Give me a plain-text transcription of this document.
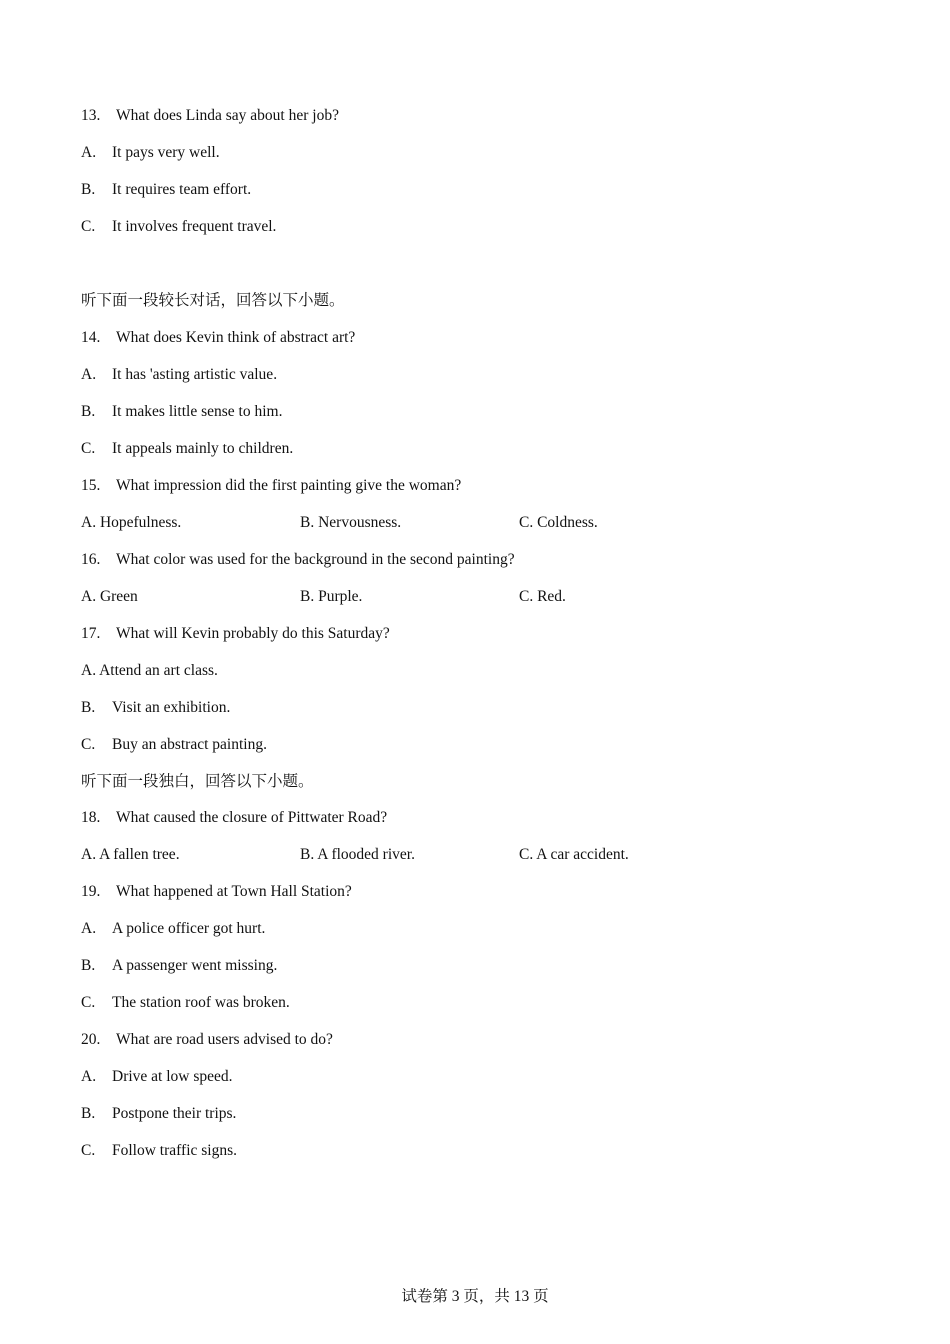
13. What does Linda say about her job?
A. It pays very well.
B. It requires team effort.
C. It involves frequent travel.
听下面一段较长对话，回答以下小题。
14. What does Kevin think of abstract art?
A. It has 'asting artistic value.
B. It makes little sense to him.
C. It appeals mainly to children.
15. What impression did the first painting give the woman?
A. Hopefulness.	B. Nervousness.	C. Coldness.
16. What color was used for the background in the second painting?
A. Green	B. Purple.	C. Red.
17. What will Kevin probably do this Saturday?
A. Attend an art class.
B. Visit an exhibition.
C. Buy an abstract painting.
听下面一段独白，回答以下小题。
18. What caused the closure of Pittwater Road?
A. A fallen tree.	B. A flooded river.	C. A car accident.
19. What happened at Town Hall Station?
A. A police officer got hurt.
B. A passenger went missing.
C. The station roof was broken.
20. What are road users advised to do?
A. Drive at low speed.
B. Postpone their trips.
C. Follow traffic signs.
试卷第 3 页，共 13 页
